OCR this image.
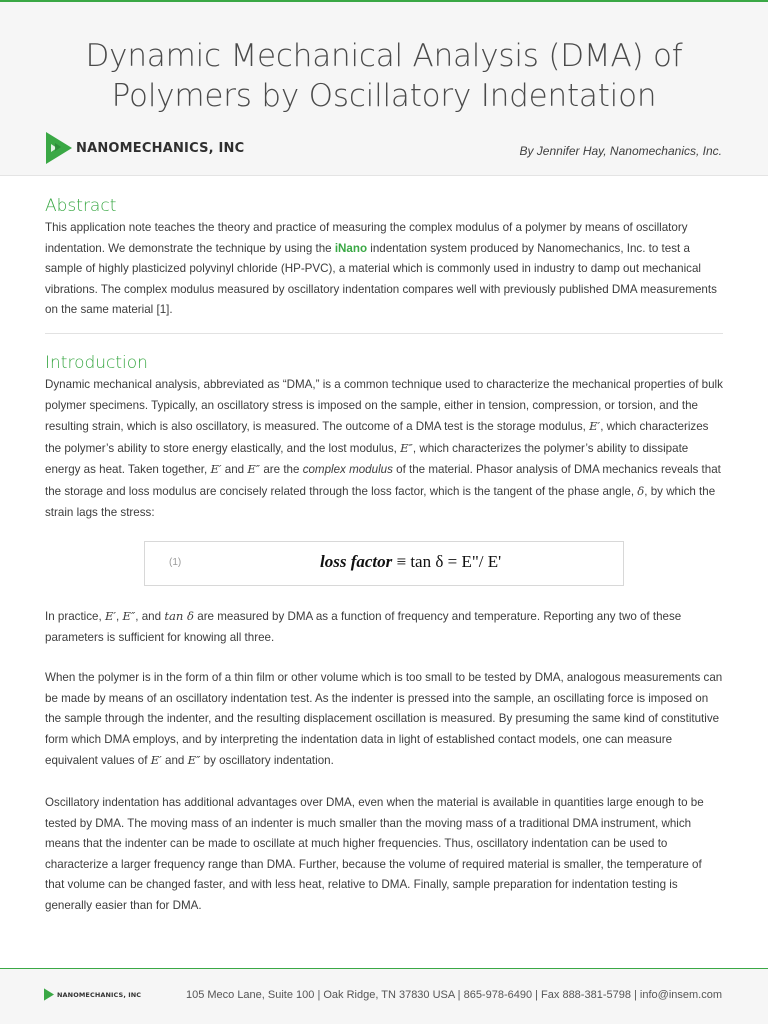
Dynamic Mechanical Analysis (DMA) of
Polymers by Oscillatory Indentation
NANOMECHANICS, INC	By Jennifer Hay, Nanomechanics, Inc.
Abstract

This application note teaches the theory and practice of measuring the complex modulus of a polymer by means of oscillatory indentation. We demonstrate the technique by using the iNano indentation system produced by Nanomechanics, Inc. to test a sample of highly plasticized polyvinyl chloride (HP-PVC), a material which is commonly used in industry to damp out mechanical vibrations. The complex modulus measured by oscillatory indentation compares well with previously published DMA measurements on the same material [1].

Introduction

Dynamic mechanical analysis, abbreviated as “DMA,” is a common technique used to characterize the mechanical properties of bulk polymer specimens. Typically, an oscillatory stress is imposed on the sample, either in tension, compression, or torsion, and the resulting strain, which is also oscillatory, is measured. The outcome of a DMA test is the storage modulus, E′, which characterizes the polymer’s ability to store energy elastically, and the lost modulus, E″, which characterizes the polymer’s ability to dissipate energy as heat. Taken together, E′ and E″ are the complex modulus of the material. Phasor analysis of DMA mechanics reveals that the storage and loss modulus are concisely related through the loss factor, which is the tangent of the phase angle, δ, by which the strain lags the stress:

(1)	loss factor ≡ tan δ = E"/ E'

In practice, E′, E″, and tan δ are measured by DMA as a function of frequency and temperature. Reporting any two of these parameters is sufficient for knowing all three.

When the polymer is in the form of a thin film or other volume which is too small to be tested by DMA, analogous measurements can be made by means of an oscillatory indentation test. As the indenter is pressed into the sample, an oscillating force is imposed on the sample through the indenter, and the resulting displacement oscillation is measured. By presuming the same kind of constitutive form which DMA employs, and by interpreting the indentation data in light of established contact models, one can measure equivalent values of E′ and E″ by oscillatory indentation.

Oscillatory indentation has additional advantages over DMA, even when the material is available in quantities large enough to be tested by DMA. The moving mass of an indenter is much smaller than the moving mass of a traditional DMA instrument, which means that the indenter can be made to oscillate at much higher frequencies. Thus, oscillatory indentation can be used to characterize a larger frequency range than DMA. Further, because the volume of required material is smaller, the temperature of that volume can be changed faster, and with less heat, relative to DMA. Finally, sample preparation for indentation testing is generally easier than for DMA.

NANOMECHANICS, INC	105 Meco Lane, Suite 100 | Oak Ridge, TN 37830 USA | 865-978-6490 | Fax 888-381-5798 | info@insem.com
